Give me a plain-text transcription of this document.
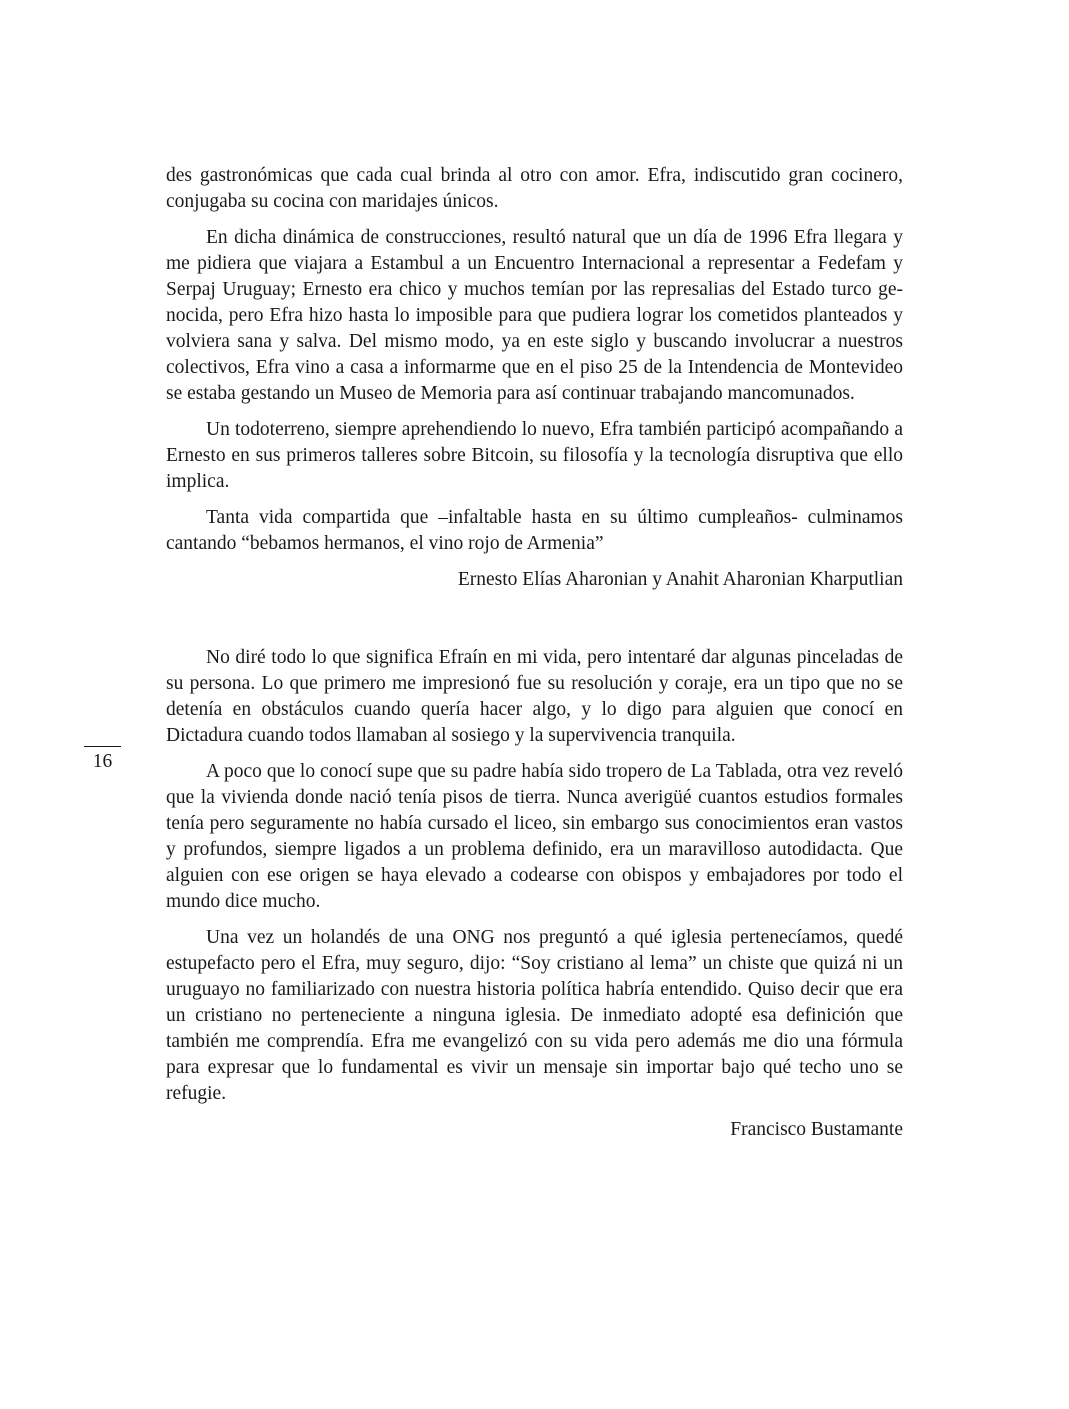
des gastronómicas que cada cual brinda al otro con amor. Efra, indiscutido gran cocinero, conjugaba su cocina con maridajes únicos.

En dicha dinámica de construcciones, resultó natural que un día de 1996 Efra llegara y me pidiera que viajara a Estambul a un Encuentro Internacional a representar a Fedefam y Serpaj Uruguay; Ernesto era chico y muchos temían por las represalias del Estado turco genocida, pero Efra hizo hasta lo imposible para que pudiera lograr los cometidos planteados y volviera sana y salva. Del mismo modo, ya en este siglo y buscando involucrar a nuestros colectivos, Efra vino a casa a informarme que en el piso 25 de la Intendencia de Montevideo se estaba gestando un Museo de Memoria para así continuar trabajando mancomunados.

Un todoterreno, siempre aprehendiendo lo nuevo, Efra también participó acompañando a Ernesto en sus primeros talleres sobre Bitcoin, su filosofía y la tecnología disruptiva que ello implica.

Tanta vida compartida que –infaltable hasta en su último cumpleaños- culminamos cantando “bebamos hermanos, el vino rojo de Armenia”

Ernesto Elías Aharonian y Anahit Aharonian Kharputlian

No diré todo lo que significa Efraín en mi vida, pero intentaré dar algunas pinceladas de su persona. Lo que primero me impresionó fue su resolución y coraje, era un tipo que no se detenía en obstáculos cuando quería hacer algo, y lo digo para alguien que conocí en Dictadura cuando todos llamaban al sosiego y la supervivencia tranquila.

A poco que lo conocí supe que su padre había sido tropero de La Tablada, otra vez reveló que la vivienda donde nació tenía pisos de tierra. Nunca averigüé cuantos estudios formales tenía pero seguramente no había cursado el liceo, sin embargo sus conocimientos eran vastos y profundos, siempre ligados a un problema definido, era un maravilloso autodidacta. Que alguien con ese origen se haya elevado a codearse con obispos y embajadores por todo el mundo dice mucho.

Una vez un holandés de una ONG nos preguntó a qué iglesia pertenecíamos, quedé estupefacto pero el Efra, muy seguro, dijo: “Soy cristiano al lema” un chiste que quizá ni un uruguayo no familiarizado con nuestra historia política habría entendido. Quiso decir que era un cristiano no perteneciente a ninguna iglesia. De inmediato adopté esa definición que también me comprendía. Efra me evangelizó con su vida pero además me dio una fórmula para expresar que lo fundamental es vivir un mensaje sin importar bajo qué techo uno se refugie.

Francisco Bustamante

16
